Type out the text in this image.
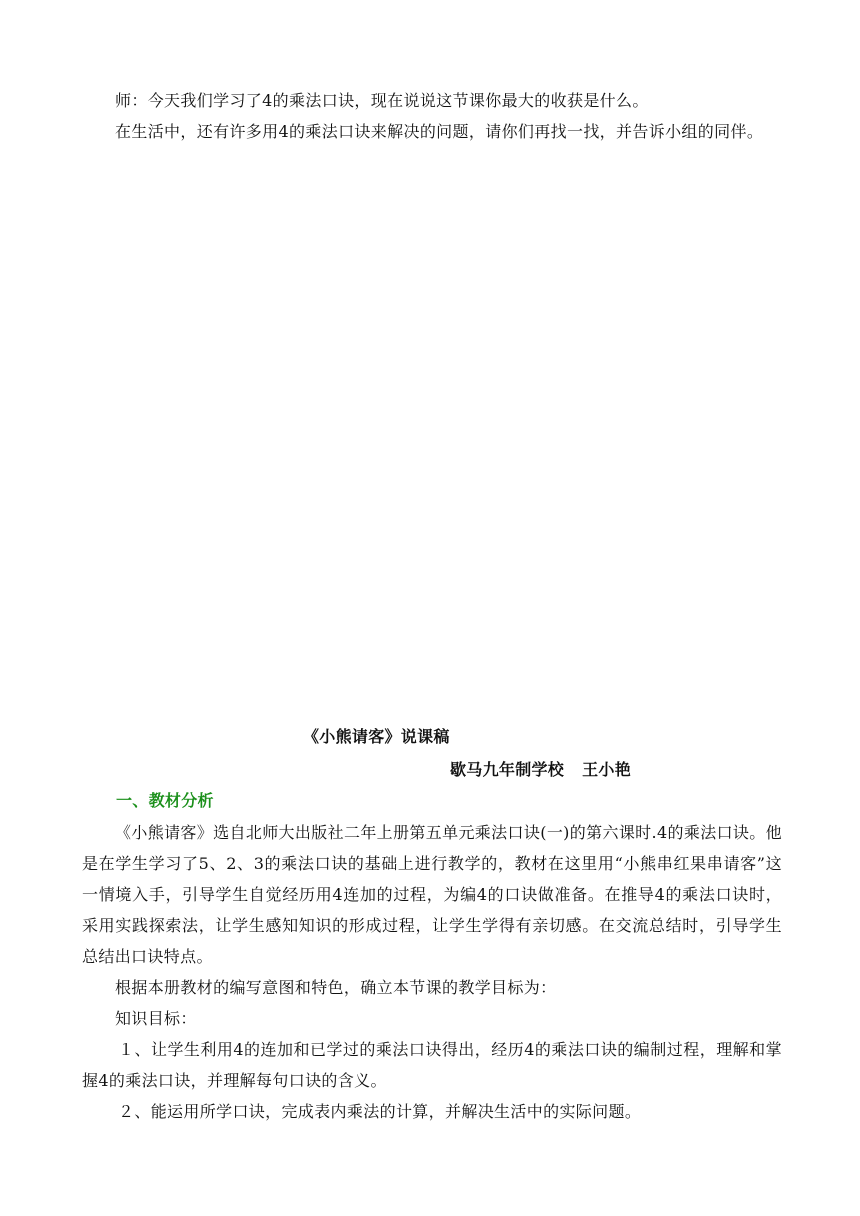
师：今天我们学习了4的乘法口诀，现在说说这节课你最大的收获是什么。

在生活中，还有许多用4的乘法口诀来解决的问题，请你们再找一找，并告诉小组的同伴。

《小熊请客》说课稿
歇马九年制学校 王小艳
一、教材分析

《小熊请客》选自北师大出版社二年上册第五单元乘法口诀(一)的第六课时.4的乘法口诀。他是在学生学习了5、2、3的乘法口诀的基础上进行教学的，教材在这里用“小熊串红果串请客”这一情境入手，引导学生自觉经历用4连加的过程，为编4的口诀做准备。在推导4的乘法口诀时，采用实践探索法，让学生感知知识的形成过程，让学生学得有亲切感。在交流总结时，引导学生总结出口诀特点。

根据本册教材的编写意图和特色，确立本节课的教学目标为：

知识目标：

１、让学生利用4的连加和已学过的乘法口诀得出，经历4的乘法口诀的编制过程，理解和掌握4的乘法口诀，并理解每句口诀的含义。

２、能运用所学口诀，完成表内乘法的计算，并解决生活中的实际问题。
